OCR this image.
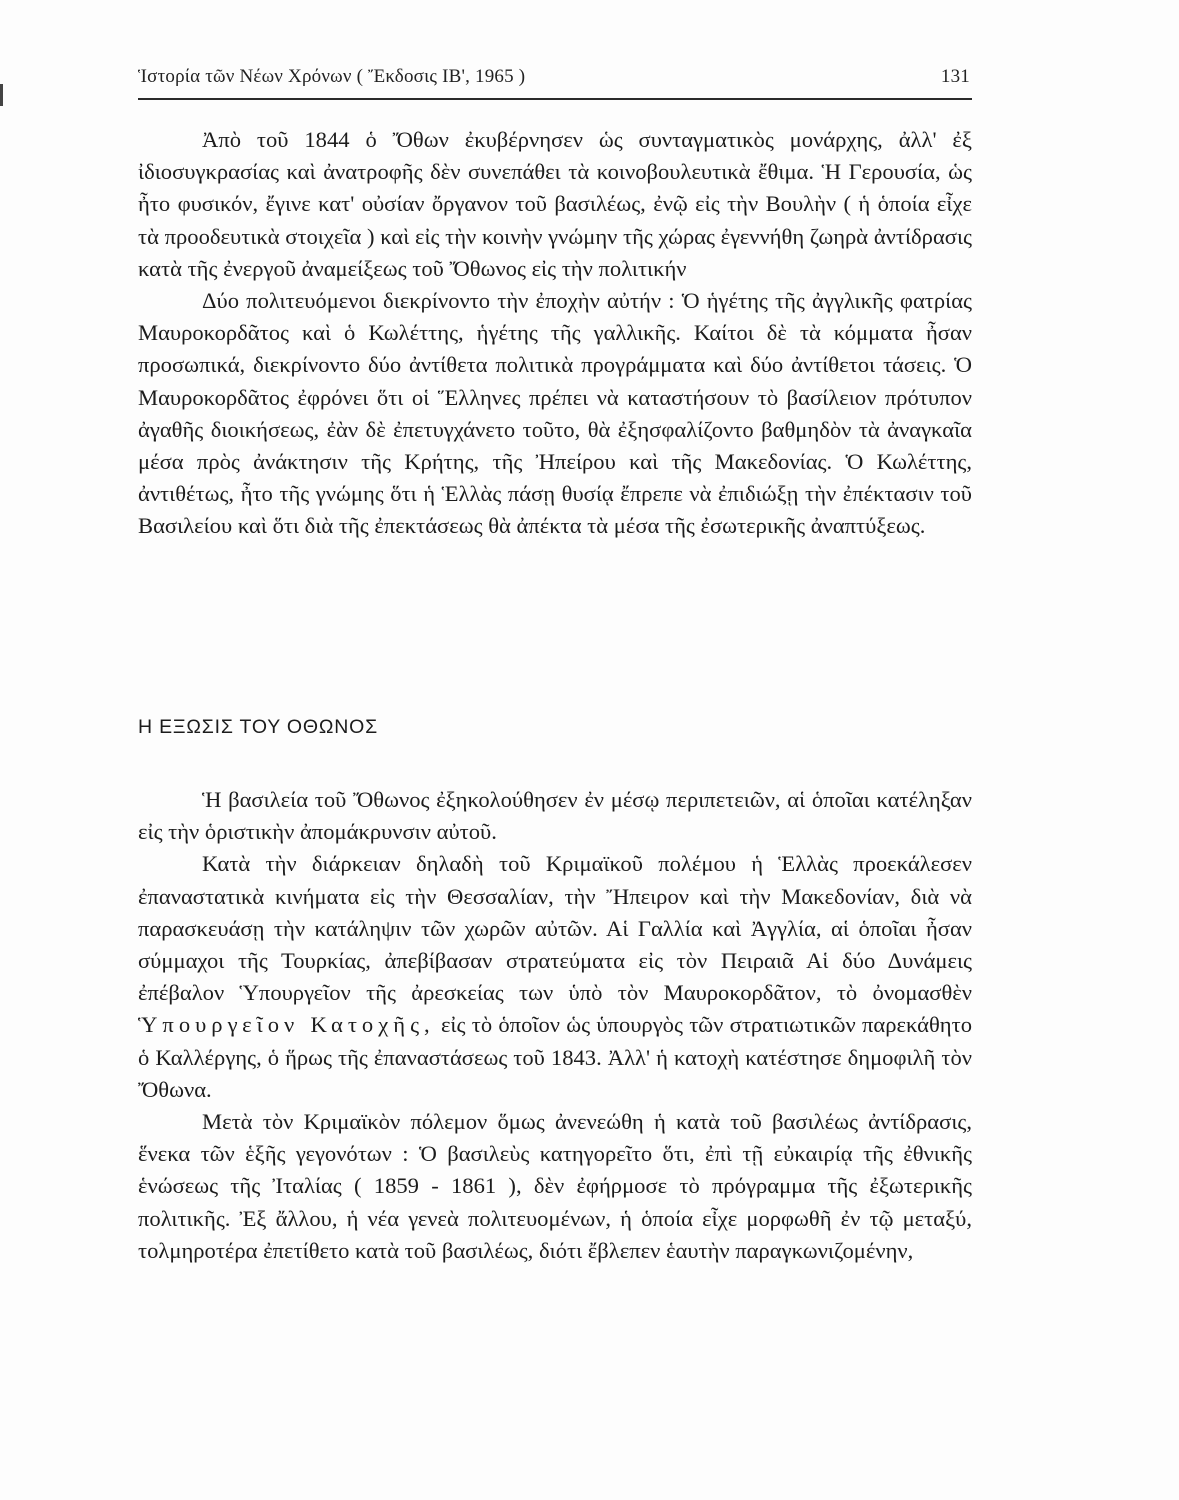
Ἱστορία τῶν Νέων Χρόνων ( Ἔκδοσις ΙΒ', 1965 )	131

Ἀπὸ τοῦ 1844 ὁ Ὄθων ἐκυβέρνησεν ὡς συνταγματικὸς μονάρχης, ἀλλ' ἐξ ἰδιοσυγκρασίας καὶ ἀνατροφῆς δὲν συνεπάθει τὰ κοινοβουλευτικὰ ἔθιμα. Ἡ Γερουσία, ὡς ἦτο φυσικόν, ἔγινε κατ' οὐσίαν ὄργανον τοῦ βασιλέως, ἐνῷ εἰς τὴν Βουλὴν ( ἡ ὁποία εἶχε τὰ προοδευτικὰ στοιχεῖα ) καὶ εἰς τὴν κοινὴν γνώμην τῆς χώρας ἐγεννήθη ζωηρὰ ἀντίδρασις κατὰ τῆς ἐνεργοῦ ἀναμείξεως τοῦ Ὄθωνος εἰς τὴν πολιτικήν

Δύο πολιτευόμενοι διεκρίνοντο τὴν ἐποχὴν αὐτήν : Ὁ ἡγέτης τῆς ἀγγλικῆς φατρίας Μαυροκορδᾶτος καὶ ὁ Κωλέττης, ἡγέτης τῆς γαλλικῆς. Καίτοι δὲ τὰ κόμματα ἦσαν προσωπικά, διεκρίνοντο δύο ἀντίθετα πολιτικὰ προγράμματα καὶ δύο ἀντίθετοι τάσεις. Ὁ Μαυροκορδᾶτος ἐφρόνει ὅτι οἱ Ἕλληνες πρέπει νὰ καταστήσουν τὸ βασίλειον πρότυπον ἀγαθῆς διοικήσεως, ἐὰν δὲ ἐπετυγχάνετο τοῦτο, θὰ ἐξησφαλίζοντο βαθμηδὸν τὰ ἀναγκαῖα μέσα πρὸς ἀνάκτησιν τῆς Κρήτης, τῆς Ἠπείρου καὶ τῆς Μακεδονίας. Ὁ Κωλέττης, ἀντιθέτως, ἦτο τῆς γνώμης ὅτι ἡ Ἑλλὰς πάσῃ θυσίᾳ ἔπρεπε νὰ ἐπιδιώξῃ τὴν ἐπέκτασιν τοῦ Βασιλείου καὶ ὅτι διὰ τῆς ἐπεκτάσεως θὰ ἀπέκτα τὰ μέσα τῆς ἐσωτερικῆς ἀναπτύξεως.

Η ΕΞΩΣΙΣ ΤΟΥ ΟΘΩΝΟΣ

Ἡ βασιλεία τοῦ Ὄθωνος ἐξηκολούθησεν ἐν μέσῳ περιπετειῶν, αἱ ὁποῖαι κατέληξαν εἰς τὴν ὁριστικὴν ἀπομάκρυνσιν αὐτοῦ.

Κατὰ τὴν διάρκειαν δηλαδὴ τοῦ Κριμαϊκοῦ πολέμου ἡ Ἑλλὰς προεκάλεσεν ἐπαναστατικὰ κινήματα εἰς τὴν Θεσσαλίαν, τὴν Ἤπειρον καὶ τὴν Μακεδονίαν, διὰ νὰ παρασκευάσῃ τὴν κατάληψιν τῶν χωρῶν αὐτῶν. Αἱ Γαλλία καὶ Ἀγγλία, αἱ ὁποῖαι ἦσαν σύμμαχοι τῆς Τουρκίας, ἀπεβίβασαν στρατεύματα εἰς τὸν Πειραιᾶ Αἱ δύο Δυνάμεις ἐπέβαλον Ὑπουργεῖον τῆς ἀρεσκείας των ὑπὸ τὸν Μαυροκορδᾶτον, τὸ ὀνομασθὲν Ὑπουργεῖον Κατοχῆς, εἰς τὸ ὁποῖον ὡς ὑπουργὸς τῶν στρατιωτικῶν παρεκάθητο ὁ Καλλέργης, ὁ ἥρως τῆς ἐπαναστάσεως τοῦ 1843. Ἀλλ' ἡ κατοχὴ κατέστησε δημοφιλῆ τὸν Ὄθωνα.

Μετὰ τὸν Κριμαϊκὸν πόλεμον ὅμως ἀνενεώθη ἡ κατὰ τοῦ βασιλέως ἀντίδρασις, ἕνεκα τῶν ἑξῆς γεγονότων : Ὁ βασιλεὺς κατηγορεῖτο ὅτι, ἐπὶ τῇ εὐκαιρίᾳ τῆς ἐθνικῆς ἑνώσεως τῆς Ἰταλίας ( 1859 - 1861 ), δὲν ἐφήρμοσε τὸ πρόγραμμα τῆς ἐξωτερικῆς πολιτικῆς. Ἐξ ἄλλου, ἡ νέα γενεὰ πολιτευομένων, ἡ ὁποία εἶχε μορφωθῆ ἐν τῷ μεταξύ, τολμηροτέρα ἐπετίθετο κατὰ τοῦ βασιλέως, διότι ἔβλεπεν ἑαυτὴν παραγκωνιζομένην,
